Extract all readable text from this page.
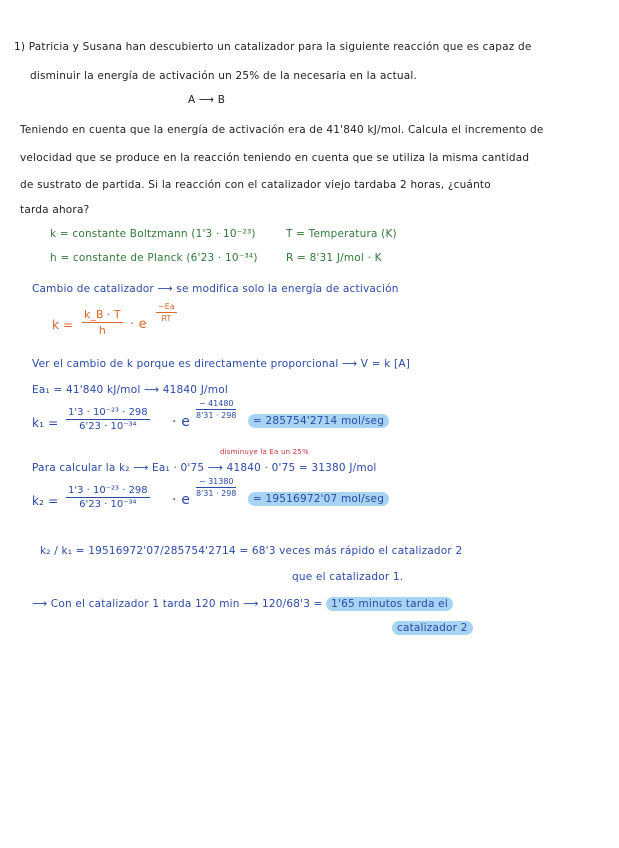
1) Patricia y Susana han descubierto un catalizador para la siguiente reacción que es capaz de
disminuir la energía de activación un 25% de la necesaria en la actual.
A ⟶ B
Teniendo en cuenta que la energía de activación era de 41'840 kJ/mol. Calcula el incremento de
velocidad que se produce en la reacción teniendo en cuenta que se utiliza la misma cantidad
de sustrato de partida. Si la reacción con el catalizador viejo tardaba 2 horas, ¿cuánto
tarda ahora?
k = constante Boltzmann (1'3 · 10⁻²³)	T = Temperatura (K)
h = constante de Planck (6'23 · 10⁻³⁴)	R = 8'31 J/mol · K
Cambio de catalizador ⟶ se modifica solo la energía de activación
$k = \frac{k\_B \cdot T}{h} \cdot e$
$\frac{-Ea}{RT}$
Ver el cambio de k porque es directamente proporcional ⟶ V = k [A]
Ea₁ = 41'840 kJ/mol ⟶ 41840 J/mol
$k_1 = \frac{\text{1'3 · 10⁻²³ · 298}}{\text{6'23 · 10⁻³⁴}} \cdot e$
$\frac{- 41480}{8'31 \cdot 298}$
= 285754'2714 mol/seg
disminuye la Ea un 25%
Para calcular la k₂ ⟶ Ea₁ · 0'75 ⟶ 41840 · 0'75 = 31380 J/mol
$k_2 = \frac{\text{1'3 · 10⁻²³ · 298}}{\text{6'23 · 10⁻³⁴}} \cdot e$
$\frac{- 31380}{8'31 \cdot 298}$
= 19516972'07 mol/seg
k₂ / k₁ = 19516972'07/285754'2714 = 68'3 veces más rápido el catalizador 2
que el catalizador 1.
⟶ Con el catalizador 1 tarda 120 min ⟶ 120/68'3 = 1'65 minutos tarda el
catalizador 2
